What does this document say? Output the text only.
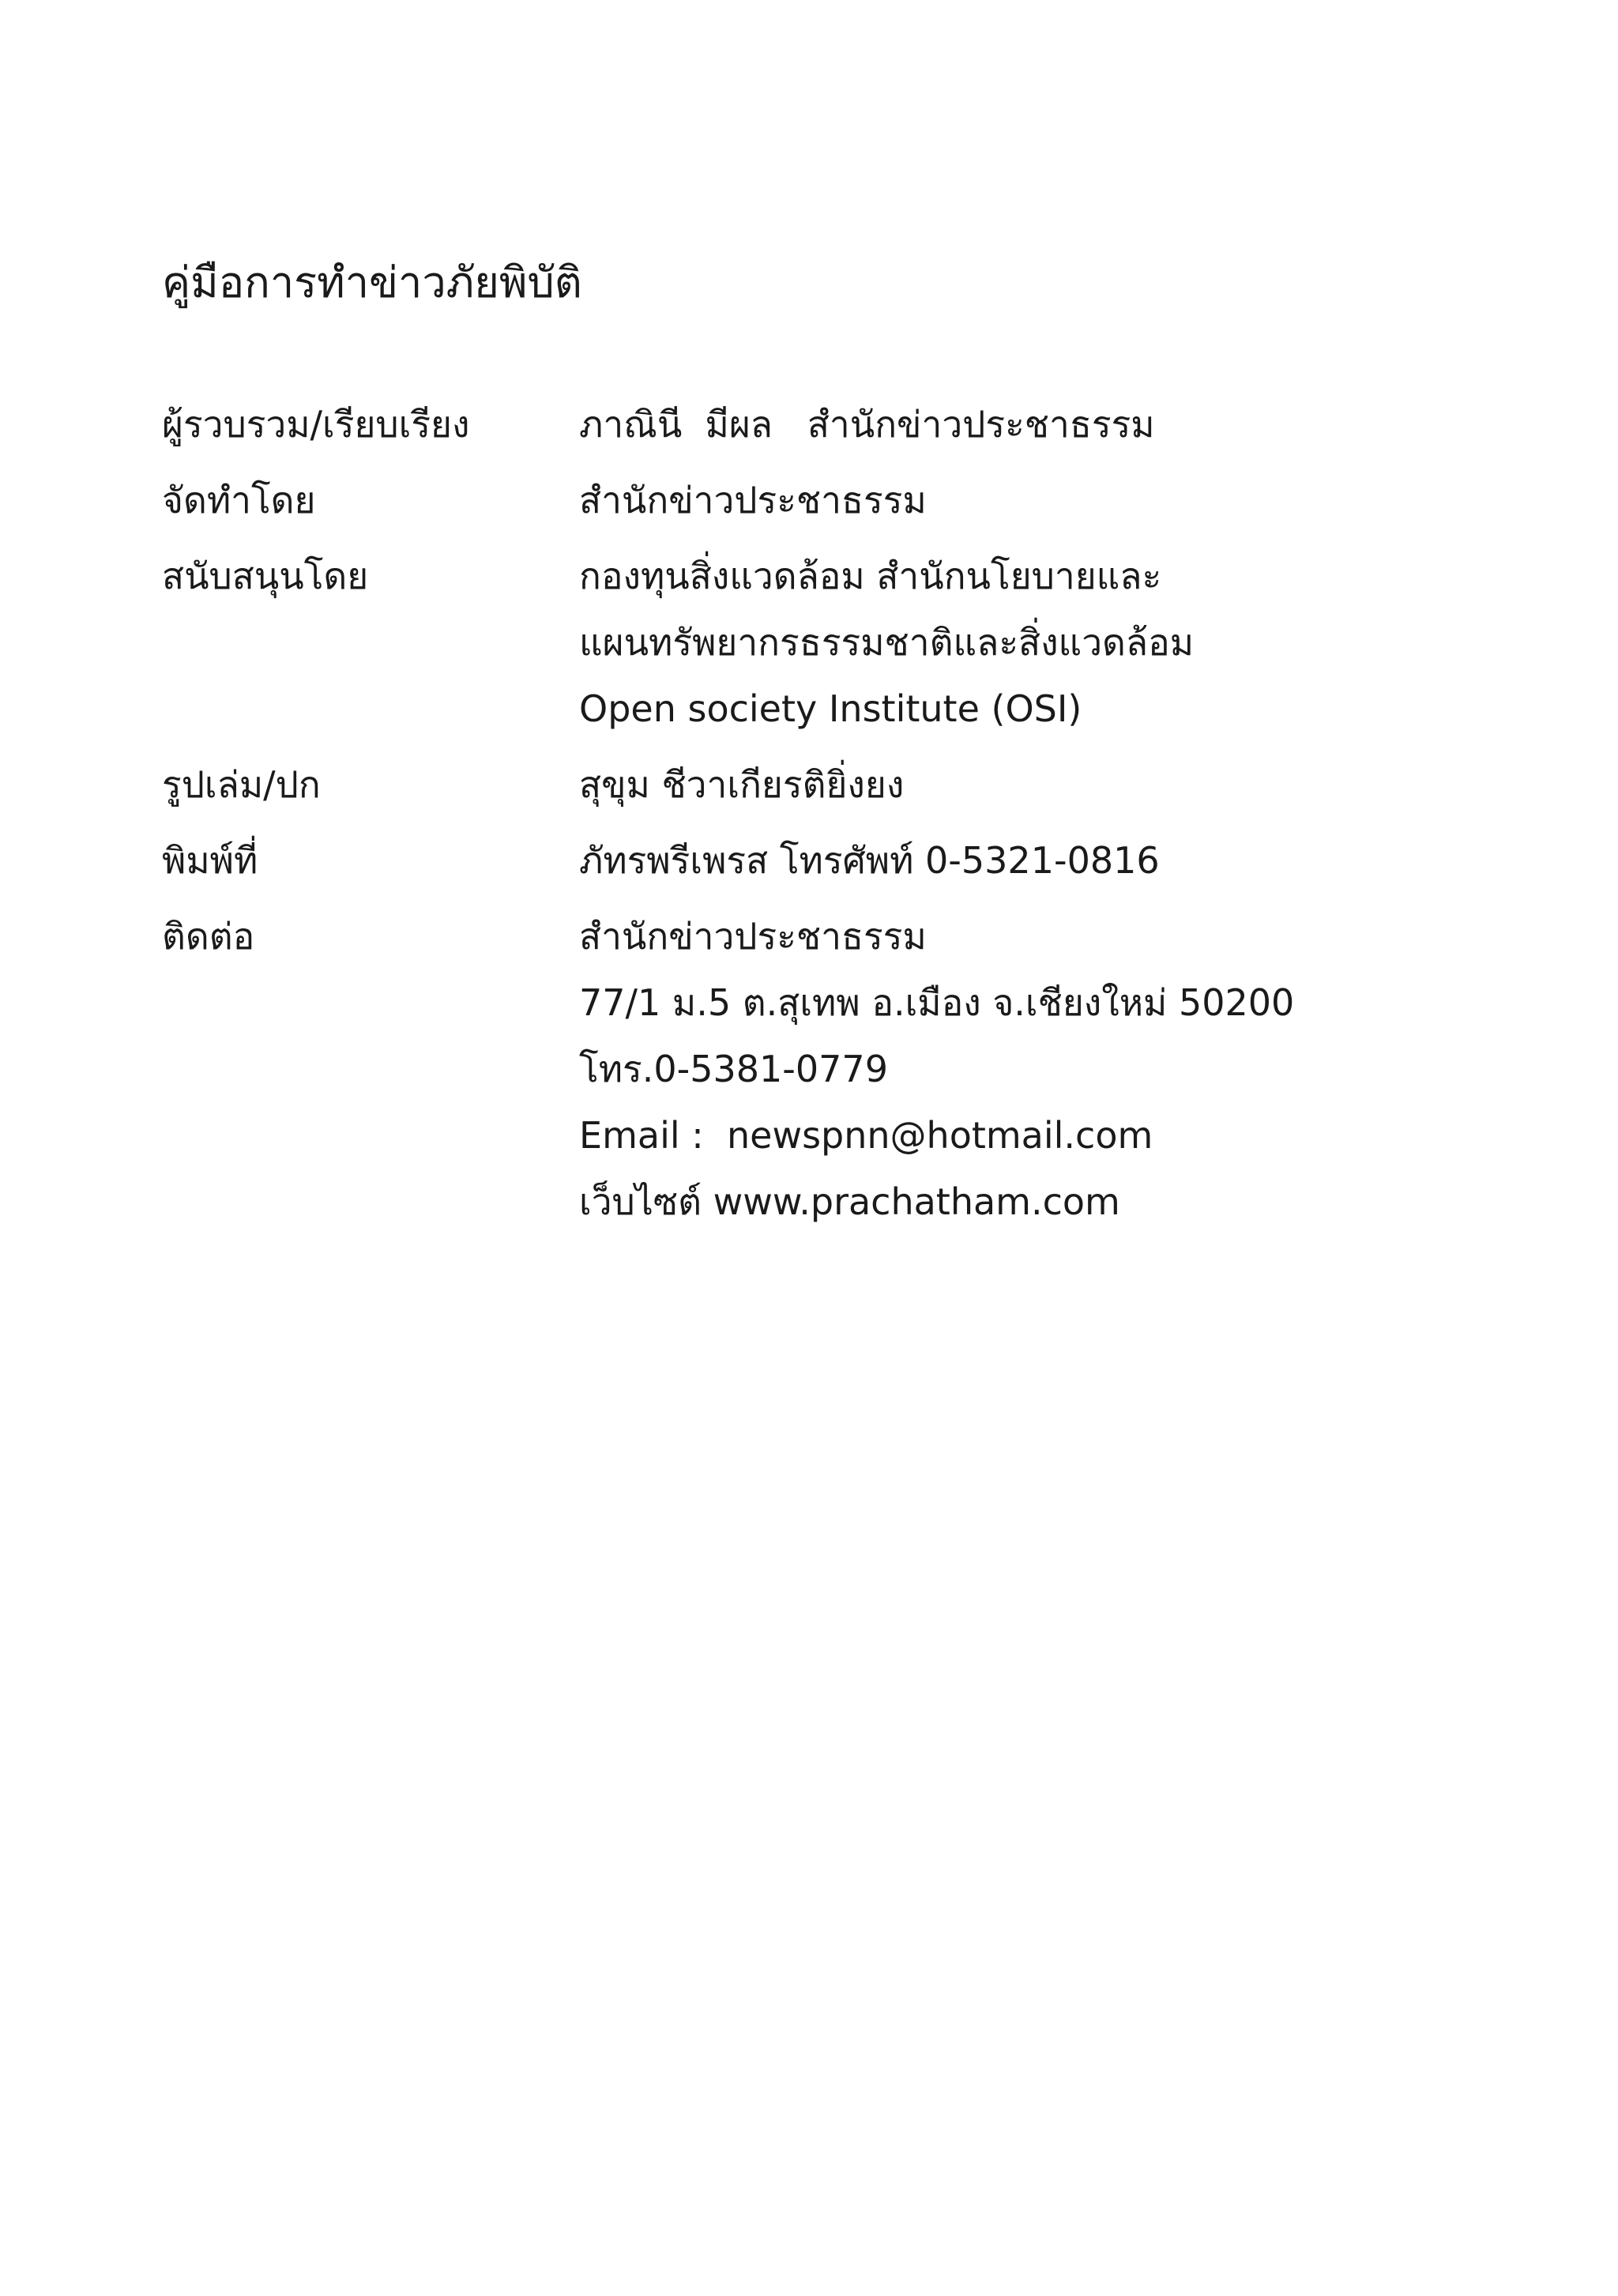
คู่มือการทำข่าวภัยพิบัติ
ผู้รวบรวม/เรียบเรียง	ภาณินี  มีผล   สำนักข่าวประชาธรรม
จัดทำโดย	สำนักข่าวประชาธรรม
สนับสนุนโดย	กองทุนสิ่งแวดล้อม สำนักนโยบายและ
แผนทรัพยากรธรรมชาติและสิ่งแวดล้อม
Open society Institute (OSI)
รูปเล่ม/ปก	สุขุม ชีวาเกียรติยิ่งยง
พิมพ์ที่	ภัทรพรีเพรส โทรศัพท์ 0-5321-0816
ติดต่อ	สำนักข่าวประชาธรรม
77/1 ม.5 ต.สุเทพ อ.เมือง จ.เชียงใหม่ 50200
โทร.0-5381-0779
Email :  newspnn@hotmail.com
เว็บไซต์ www.prachatham.com
